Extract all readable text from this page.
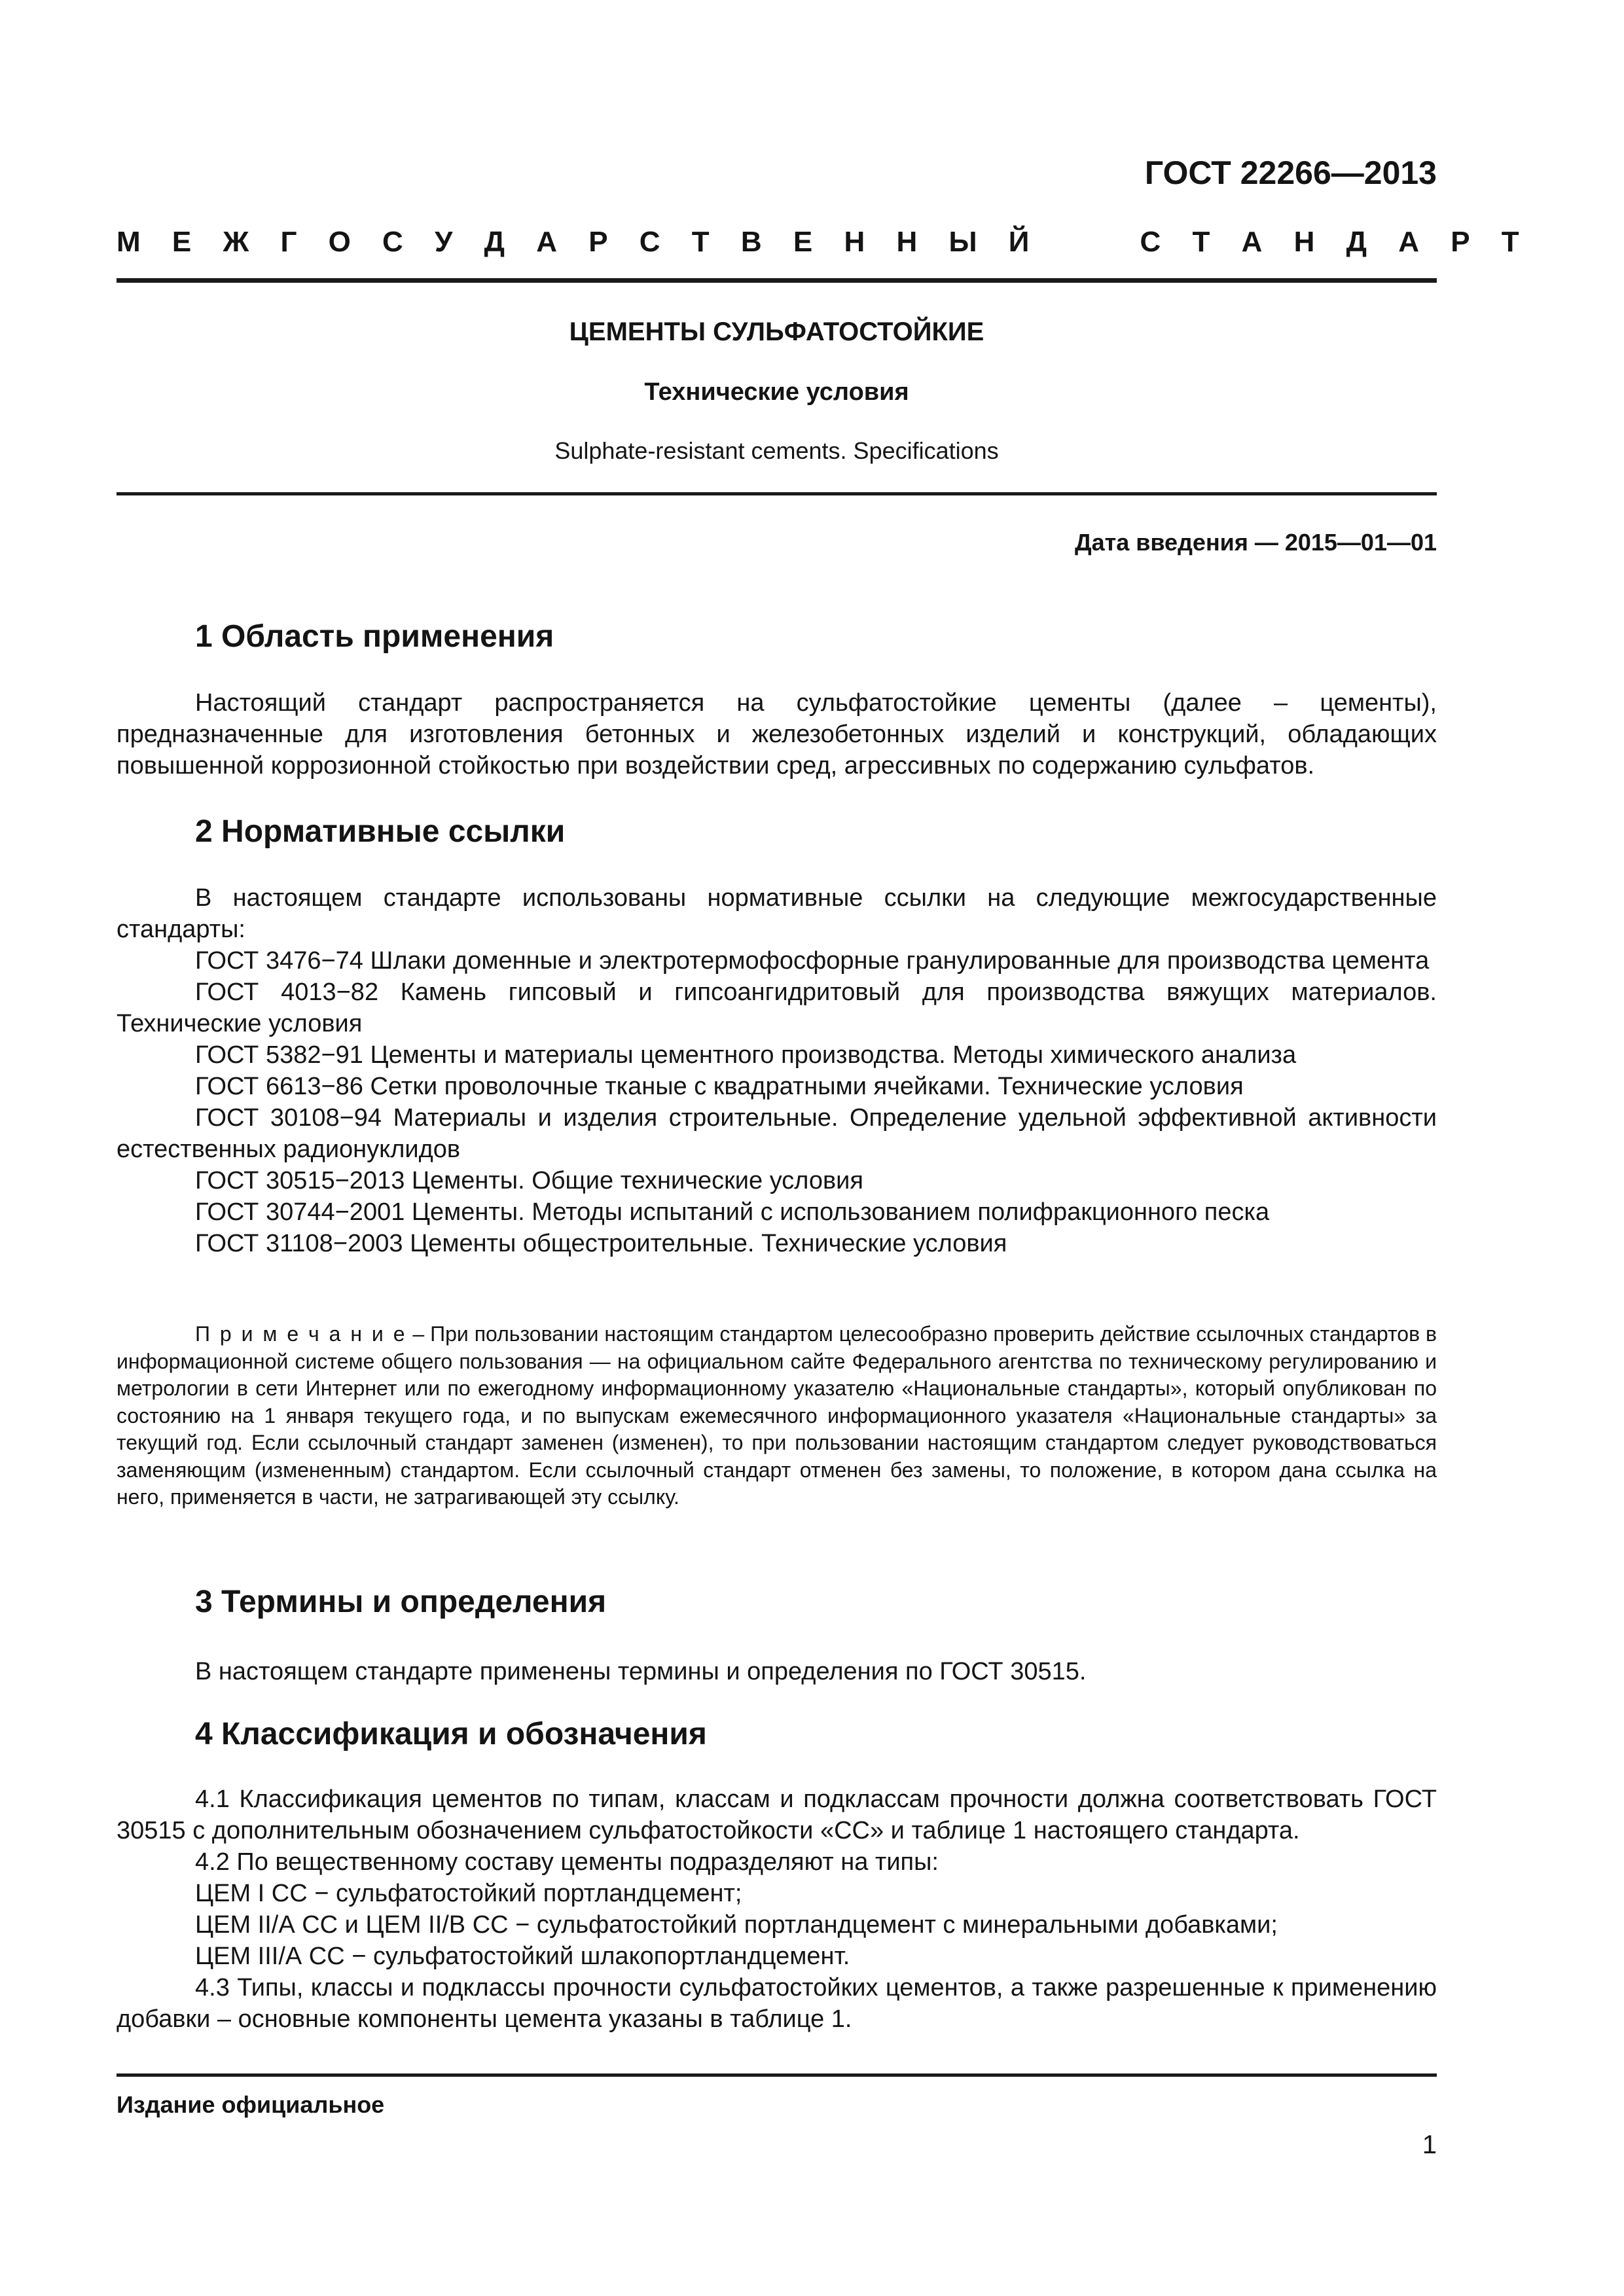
ГОСТ 22266—2013
М Е Ж Г О С У Д А Р С Т В Е Н Н Ы Й     С Т А Н Д А Р Т
ЦЕМЕНТЫ СУЛЬФАТОСТОЙКИЕ
Технические условия
Sulphate-resistant cements. Specifications
Дата введения — 2015—01—01
1 Область применения

Настоящий стандарт распространяется на сульфатостойкие цементы (далее – цементы), предназначенные для изготовления бетонных и железобетонных изделий и конструкций, обладающих повышенной коррозионной стойкостью при воздействии сред, агрессивных по содержанию сульфатов.

2 Нормативные ссылки

В настоящем стандарте использованы нормативные ссылки на следующие межгосударственные стандарты:

ГОСТ 3476−74 Шлаки доменные и электротермофосфорные гранулированные для производства цемента

ГОСТ 4013−82 Камень гипсовый и гипсоангидритовый для производства вяжущих материалов. Технические условия

ГОСТ 5382−91 Цементы и материалы цементного производства. Методы химического анализа

ГОСТ 6613−86 Сетки проволочные тканые с квадратными ячейками. Технические условия

ГОСТ 30108−94 Материалы и изделия строительные. Определение удельной эффективной активности естественных радионуклидов

ГОСТ 30515−2013 Цементы. Общие технические условия

ГОСТ 30744−2001 Цементы. Методы испытаний с использованием полифракционного песка

ГОСТ 31108−2003 Цементы общестроительные. Технические условия

П р и м е ч а н и е – При пользовании настоящим стандартом целесообразно проверить действие ссылочных стандартов в информационной системе общего пользования — на официальном сайте Федерального агентства по техническому регулированию и метрологии в сети Интернет или по ежегодному информационному указателю «Национальные стандарты», который опубликован по состоянию на 1 января текущего года, и по выпускам ежемесячного информационного указателя «Национальные стандарты» за текущий год. Если ссылочный стандарт заменен (изменен), то при пользовании настоящим стандартом следует руководствоваться заменяющим (измененным) стандартом. Если ссылочный стандарт отменен без замены, то положение, в котором дана ссылка на него, применяется в части, не затрагивающей эту ссылку.

3 Термины и определения

В настоящем стандарте применены термины и определения по ГОСТ 30515.

4 Классификация и обозначения

4.1 Классификация цементов по типам, классам и подклассам прочности должна соответствовать ГОСТ 30515 с дополнительным обозначением сульфатостойкости «СС» и таблице 1 настоящего стандарта.

4.2 По вещественному составу цементы подразделяют на типы:

ЦЕМ I СС − сульфатостойкий портландцемент;

ЦЕМ II/А СС и ЦЕМ II/В СС − сульфатостойкий портландцемент с минеральными добавками;

ЦЕМ III/А СС − сульфатостойкий шлакопортландцемент.

4.3 Типы, классы и подклассы прочности сульфатостойких цементов, а также разрешенные к применению добавки – основные компоненты цемента указаны в таблице 1.

Издание официальное
1
